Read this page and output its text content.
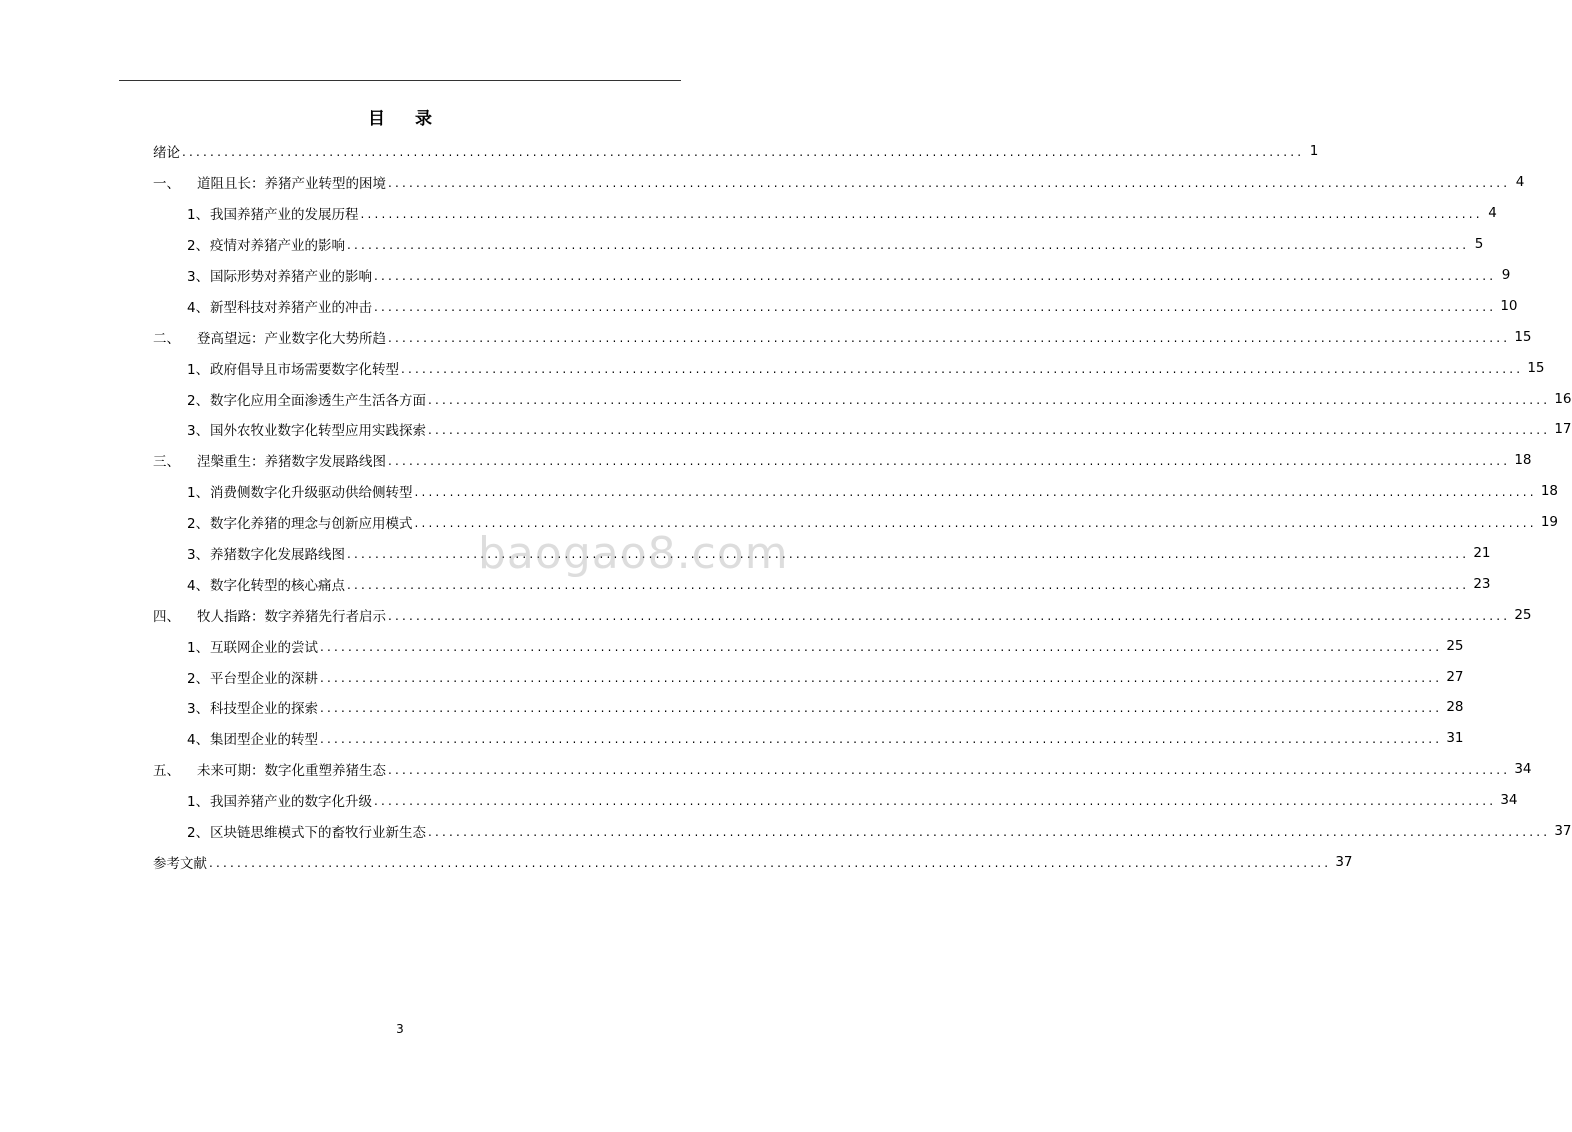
目 录
绪论 ................................................................................................................................................................ 1
一、 道阻且长：养猪产业转型的困境 ................................................................................................................................................................ 4
1、我国养猪产业的发展历程 ................................................................................................................................................................ 4
2、疫情对养猪产业的影响 ................................................................................................................................................................ 5
3、国际形势对养猪产业的影响 ................................................................................................................................................................ 9
4、新型科技对养猪产业的冲击 ................................................................................................................................................................ 10
二、 登高望远：产业数字化大势所趋 ................................................................................................................................................................ 15
1、政府倡导且市场需要数字化转型 ................................................................................................................................................................ 15
2、数字化应用全面渗透生产生活各方面 ................................................................................................................................................................ 16
3、国外农牧业数字化转型应用实践探索 ................................................................................................................................................................ 17
三、 涅槃重生：养猪数字发展路线图 ................................................................................................................................................................ 18
1、消费侧数字化升级驱动供给侧转型 ................................................................................................................................................................ 18
2、数字化养猪的理念与创新应用模式 ................................................................................................................................................................ 19
3、养猪数字化发展路线图 ................................................................................................................................................................ 21
4、数字化转型的核心痛点 ................................................................................................................................................................ 23
四、 牧人指路：数字养猪先行者启示 ................................................................................................................................................................ 25
1、互联网企业的尝试 ................................................................................................................................................................ 25
2、平台型企业的深耕 ................................................................................................................................................................ 27
3、科技型企业的探索 ................................................................................................................................................................ 28
4、集团型企业的转型 ................................................................................................................................................................ 31
五、 未来可期：数字化重塑养猪生态 ................................................................................................................................................................ 34
1、我国养猪产业的数字化升级 ................................................................................................................................................................ 34
2、区块链思维模式下的畜牧行业新生态 ................................................................................................................................................................ 37
参考文献 ................................................................................................................................................................ 37
baogao8.com
3
